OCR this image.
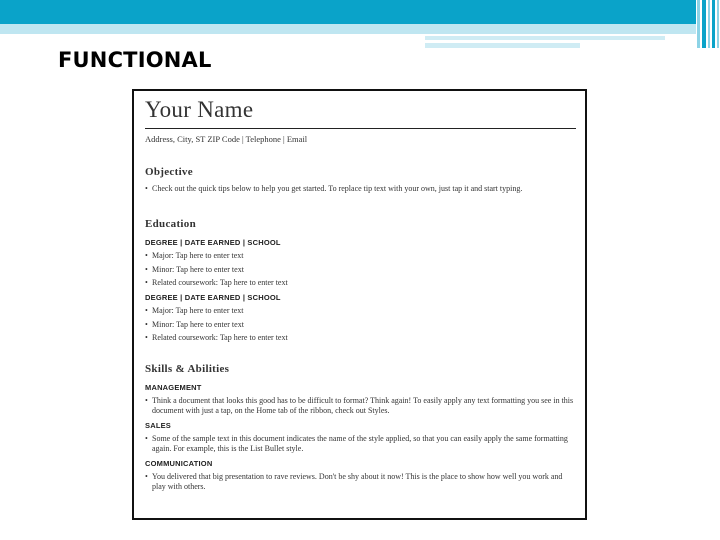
FUNCTIONAL
Your Name
Address, City, ST ZIP Code | Telephone | Email
Objective
• Check out the quick tips below to help you get started. To replace tip text with your own, just tap it and start typing.
Education
DEGREE | DATE EARNED | SCHOOL
• Major: Tap here to enter text
• Minor: Tap here to enter text
• Related coursework: Tap here to enter text
DEGREE | DATE EARNED | SCHOOL
• Major: Tap here to enter text
• Minor: Tap here to enter text
• Related coursework: Tap here to enter text
Skills & Abilities
MANAGEMENT
• Think a document that looks this good has to be difficult to format? Think again! To easily apply any text formatting you see in this document with just a tap, on the Home tab of the ribbon, check out Styles.
SALES
• Some of the sample text in this document indicates the name of the style applied, so that you can easily apply the same formatting again. For example, this is the List Bullet style.
COMMUNICATION
• You delivered that big presentation to rave reviews. Don't be shy about it now! This is the place to show how well you work and play with others.
